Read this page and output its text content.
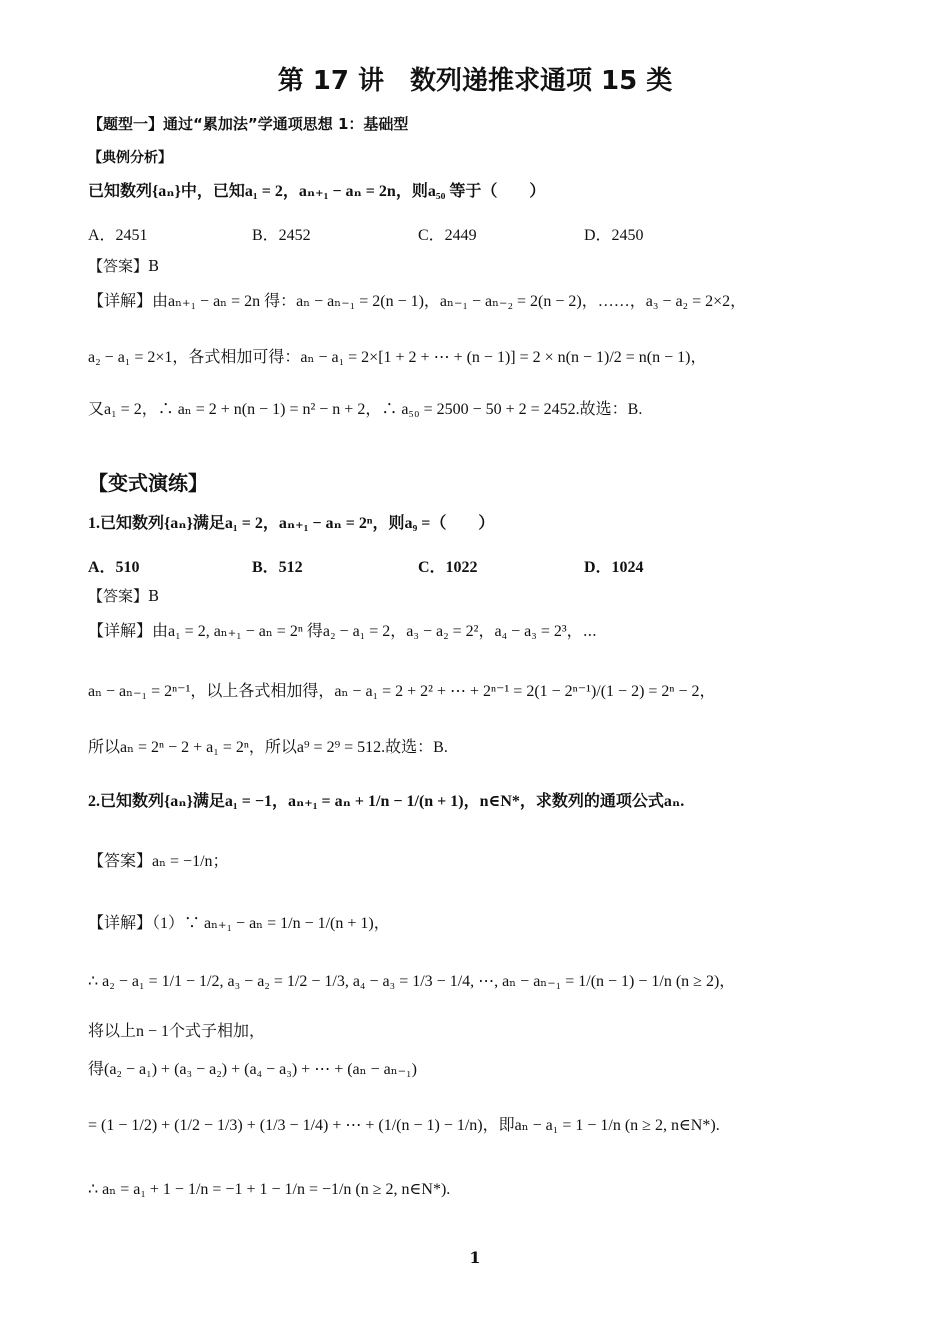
第 17 讲　数列递推求通项 15 类
【题型一】通过“累加法”学通项思想 1：基础型
【典例分析】
已知数列{aₙ}中，已知a₁ = 2，aₙ₊₁ − aₙ = 2n，则a₅₀ 等于（　　）
A．2451	B．2452	C．2449	D．2450
【答案】B
【详解】由aₙ₊₁ − aₙ = 2n 得：aₙ − aₙ₋₁ = 2(n − 1)，aₙ₋₁ − aₙ₋₂ = 2(n − 2)，……，a₃ − a₂ = 2×2，
a₂ − a₁ = 2×1，各式相加可得：aₙ − a₁ = 2×[1 + 2 + ⋯ + (n − 1)] = 2 × n(n − 1)/2 = n(n − 1)，
又a₁ = 2，∴ aₙ = 2 + n(n − 1) = n² − n + 2，∴ a₅₀ = 2500 − 50 + 2 = 2452.故选：B.
【变式演练】
1.已知数列{aₙ}满足a₁ = 2，aₙ₊₁ − aₙ = 2ⁿ，则a₉ =（　　）
A．510	B．512	C．1022	D．1024
【答案】B
【详解】由a₁ = 2, aₙ₊₁ − aₙ = 2ⁿ 得a₂ − a₁ = 2，a₃ − a₂ = 2²，a₄ − a₃ = 2³，⋯
aₙ − aₙ₋₁ = 2ⁿ⁻¹，以上各式相加得，aₙ − a₁ = 2 + 2² + ⋯ + 2ⁿ⁻¹ = 2(1 − 2ⁿ⁻¹)/(1 − 2) = 2ⁿ − 2，
所以aₙ = 2ⁿ − 2 + a₁ = 2ⁿ，所以a⁹ = 2⁹ = 512.故选：B.
2.已知数列{aₙ}满足a₁ = −1，aₙ₊₁ = aₙ + 1/n − 1/(n + 1)，n∈N*，求数列的通项公式aₙ.
【答案】aₙ = −1/n；
【详解】（1）∵ aₙ₊₁ − aₙ = 1/n − 1/(n + 1)，
∴ a₂ − a₁ = 1/1 − 1/2, a₃ − a₂ = 1/2 − 1/3, a₄ − a₃ = 1/3 − 1/4, ⋯, aₙ − aₙ₋₁ = 1/(n − 1) − 1/n (n ≥ 2)，
将以上n − 1个式子相加，
得(a₂ − a₁) + (a₃ − a₂) + (a₄ − a₃) + ⋯ + (aₙ − aₙ₋₁)
= (1 − 1/2) + (1/2 − 1/3) + (1/3 − 1/4) + ⋯ + (1/(n − 1) − 1/n)，即aₙ − a₁ = 1 − 1/n (n ≥ 2, n∈N*).
∴ aₙ = a₁ + 1 − 1/n = −1 + 1 − 1/n = −1/n (n ≥ 2, n∈N*).
1
